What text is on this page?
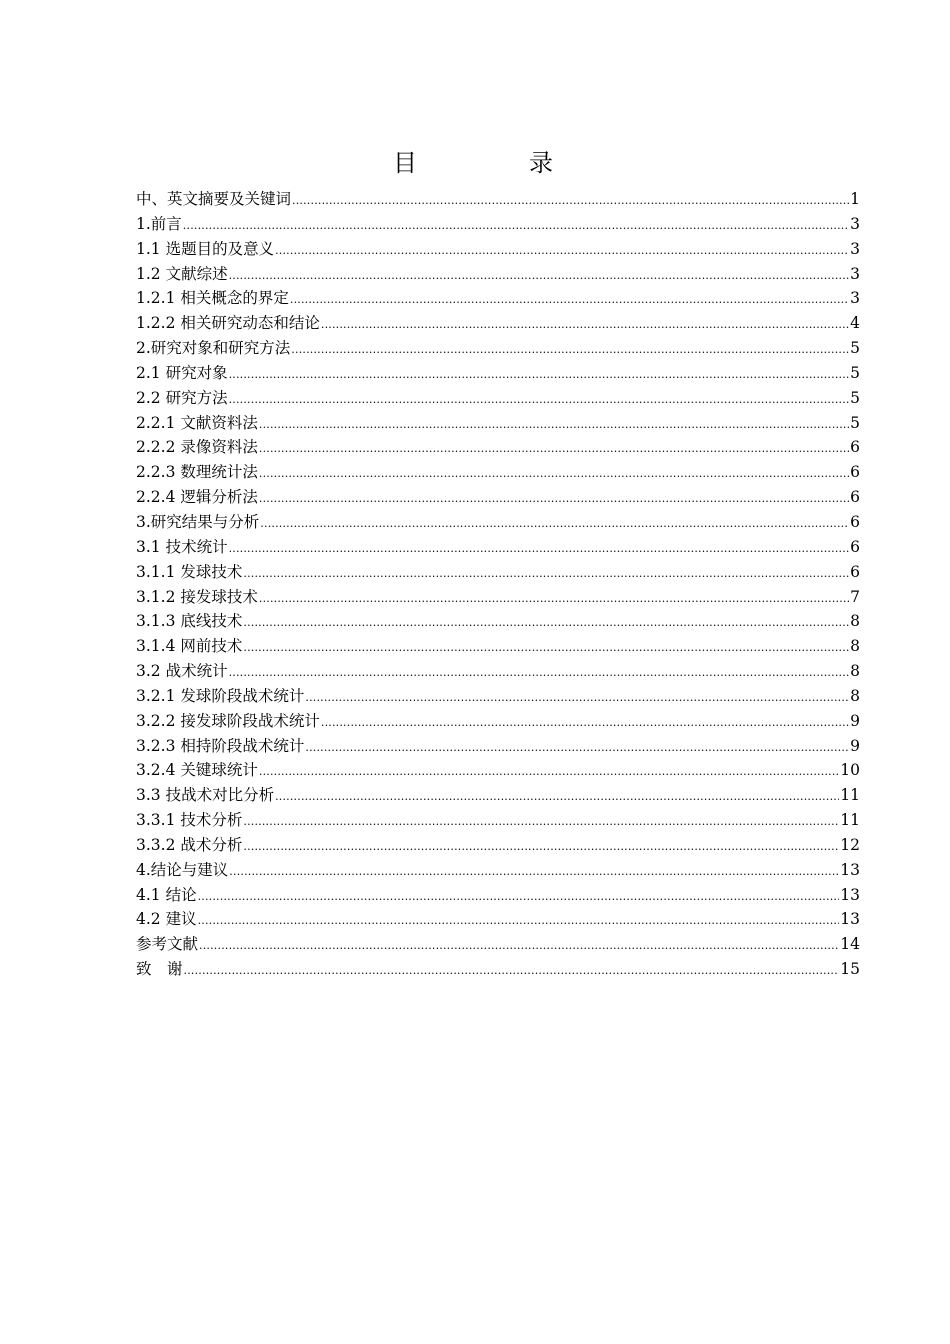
目　录
中、英文摘要及关键词 .....	1
1.前言 .....	3
1.1 选题目的及意义 .....	3
1.2 文献综述 .....	3
1.2.1 相关概念的界定 .....	3
1.2.2 相关研究动态和结论 .....	4
2.研究对象和研究方法 .....	5
2.1 研究对象 .....	5
2.2 研究方法 .....	5
2.2.1 文献资料法 .....	5
2.2.2 录像资料法 .....	6
2.2.3 数理统计法 .....	6
2.2.4 逻辑分析法 .....	6
3.研究结果与分析 .....	6
3.1 技术统计 .....	6
3.1.1 发球技术 .....	6
3.1.2 接发球技术 .....	7
3.1.3 底线技术 .....	8
3.1.4 网前技术 .....	8
3.2 战术统计 .....	8
3.2.1 发球阶段战术统计 .....	8
3.2.2 接发球阶段战术统计 .....	9
3.2.3 相持阶段战术统计 .....	9
3.2.4 关键球统计 .....	10
3.3 技战术对比分析 .....	11
3.3.1 技术分析 .....	11
3.3.2 战术分析 .....	12
4.结论与建议 .....	13
4.1 结论 .....	13
4.2 建议 .....	13
参考文献 .....	14
致　谢 .....	15
